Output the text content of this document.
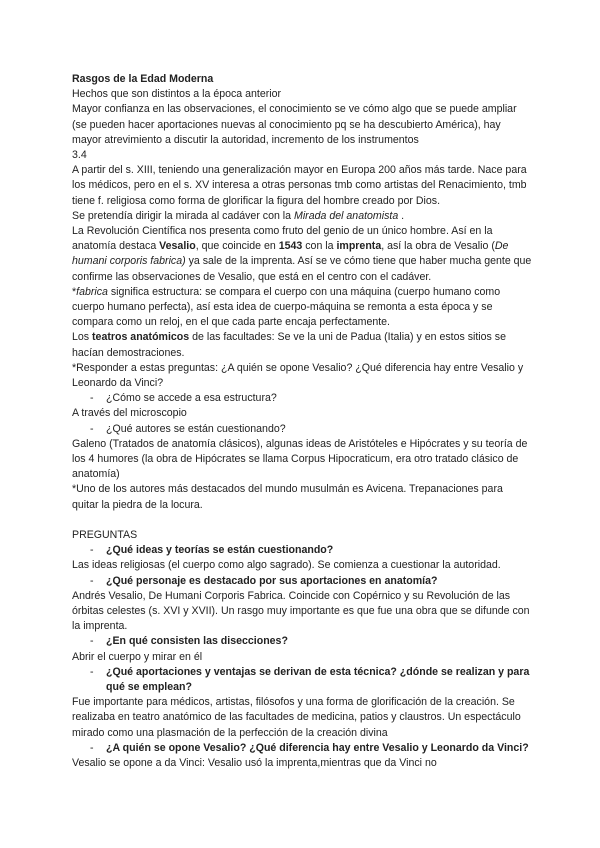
Rasgos de la Edad Moderna

Hechos que son distintos a la época anterior

Mayor confianza en las observaciones, el conocimiento se ve cómo algo que se puede ampliar (se pueden hacer aportaciones nuevas al conocimiento pq se ha descubierto América), hay mayor atrevimiento a discutir la autoridad, incremento de los instrumentos

3.4

A partir del s. XIII, teniendo una generalización mayor en Europa 200 años más tarde. Nace para los médicos, pero en el s. XV interesa a otras personas tmb como artistas del Renacimiento, tmb tiene f. religiosa como forma de glorificar la figura del hombre creado por Dios.

Se pretendía dirigir la mirada al cadáver con la Mirada del anatomista .

La Revolución Científica nos presenta como fruto del genio de un único hombre. Así en la anatomía destaca Vesalio, que coincide en 1543 con la imprenta, así la obra de Vesalio (De humani corporis fabrica) ya sale de la imprenta. Así se ve cómo tiene que haber mucha gente que confirme las observaciones de Vesalio, que está en el centro con el cadáver.

*fabrica significa estructura: se compara el cuerpo con una máquina (cuerpo humano como cuerpo humano perfecta), así esta idea de cuerpo-máquina se remonta a esta época y se compara como un reloj, en el que cada parte encaja perfectamente.

Los teatros anatómicos de las facultades: Se ve la uni de Padua (Italia) y en estos sitios se hacían demostraciones.

*Responder a estas preguntas: ¿A quién se opone Vesalio? ¿Qué diferencia hay entre Vesalio y Leonardo da Vinci?

-	¿Cómo se accede a esa estructura?

A través del microscopio

-	¿Qué autores se están cuestionando?

Galeno (Tratados de anatomía clásicos), algunas ideas de Aristóteles e Hipócrates y su teoría de los 4 humores (la obra de Hipócrates se llama Corpus Hipocraticum, era otro tratado clásico de anatomía)

*Uno de los autores más destacados del mundo musulmán es Avicena. Trepanaciones para quitar la piedra de la locura.

PREGUNTAS

-	¿Qué ideas y teorías se están cuestionando?

Las ideas religiosas (el cuerpo como algo sagrado). Se comienza a cuestionar la autoridad.

-	¿Qué personaje es destacado por sus aportaciones en anatomía?

Andrés Vesalio, De Humani Corporis Fabrica. Coincide con Copérnico y su Revolución de las órbitas celestes (s. XVI y XVII). Un rasgo muy importante es que fue una obra que se difunde con la imprenta.

-	¿En qué consisten las disecciones?

Abrir el cuerpo y mirar en él

-	¿Qué aportaciones y ventajas se derivan de esta técnica? ¿dónde se realizan y para qué se emplean?

Fue importante para médicos, artistas, filósofos y una forma de glorificación de la creación. Se realizaba en teatro anatómico de las facultades de medicina, patios y claustros. Un espectáculo mirado como una plasmación de la perfección de la creación divina

-	¿A quién se opone Vesalio? ¿Qué diferencia hay entre Vesalio y Leonardo da Vinci?

Vesalio se opone a da Vinci: Vesalio usó la imprenta,mientras que da Vinci no
